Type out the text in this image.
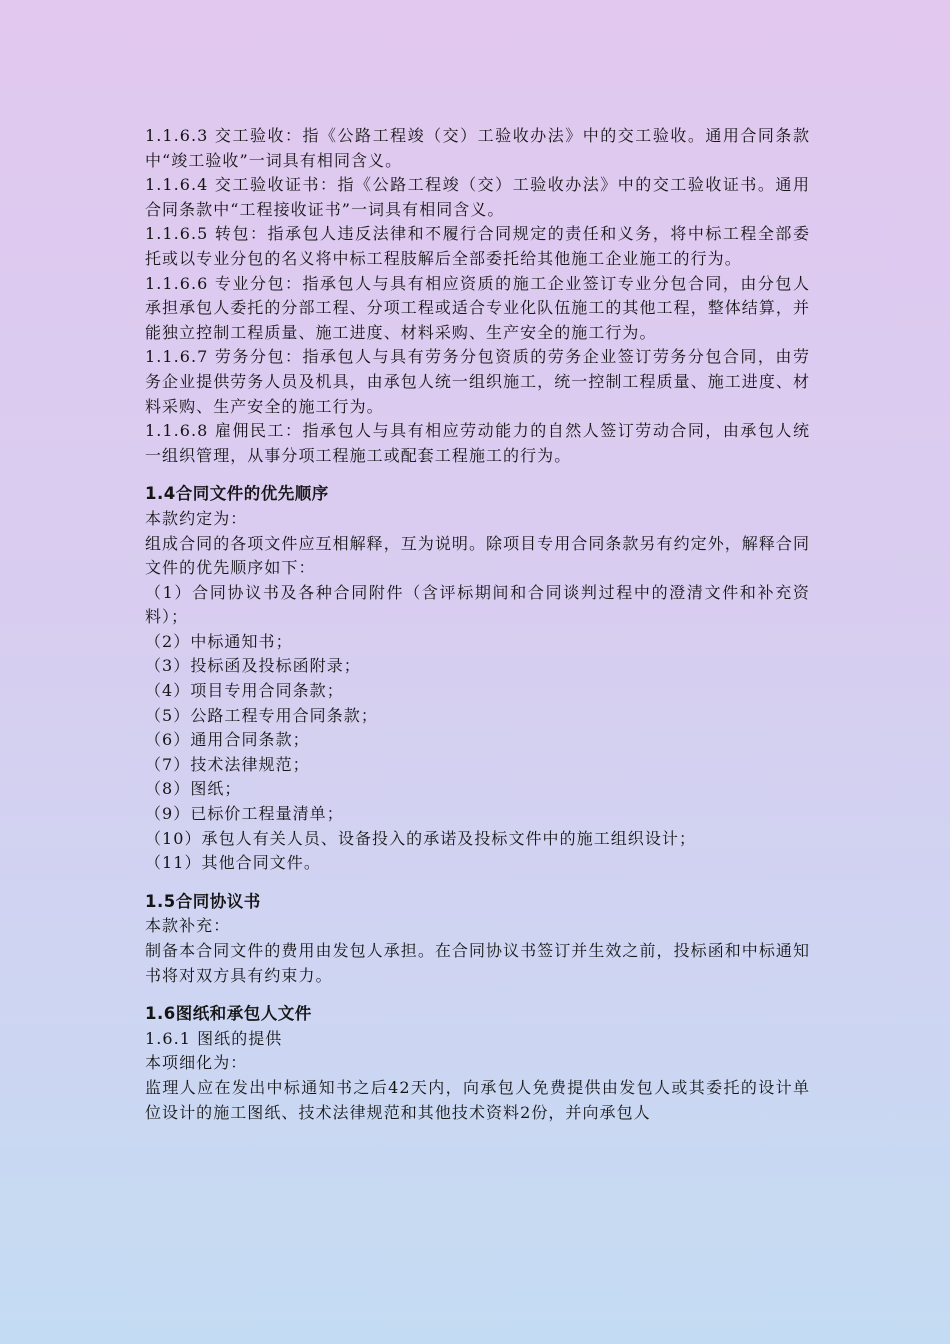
1.1.6.3 交工验收：指《公路工程竣（交）工验收办法》中的交工验收。通用合同条款中“竣工验收”一词具有相同含义。

1.1.6.4 交工验收证书：指《公路工程竣（交）工验收办法》中的交工验收证书。通用合同条款中“工程接收证书”一词具有相同含义。

1.1.6.5 转包：指承包人违反法律和不履行合同规定的责任和义务，将中标工程全部委托或以专业分包的名义将中标工程肢解后全部委托给其他施工企业施工的行为。

1.1.6.6 专业分包：指承包人与具有相应资质的施工企业签订专业分包合同，由分包人承担承包人委托的分部工程、分项工程或适合专业化队伍施工的其他工程，整体结算，并能独立控制工程质量、施工进度、材料采购、生产安全的施工行为。

1.1.6.7 劳务分包：指承包人与具有劳务分包资质的劳务企业签订劳务分包合同，由劳务企业提供劳务人员及机具，由承包人统一组织施工，统一控制工程质量、施工进度、材料采购、生产安全的施工行为。

1.1.6.8 雇佣民工：指承包人与具有相应劳动能力的自然人签订劳动合同，由承包人统一组织管理，从事分项工程施工或配套工程施工的行为。

1.4合同文件的优先顺序

本款约定为：

组成合同的各项文件应互相解释，互为说明。除项目专用合同条款另有约定外，解释合同文件的优先顺序如下：

（1）合同协议书及各种合同附件（含评标期间和合同谈判过程中的澄清文件和补充资料）；

（2）中标通知书；

（3）投标函及投标函附录；

（4）项目专用合同条款；

（5）公路工程专用合同条款；

（6）通用合同条款；

（7）技术法律规范；

（8）图纸；

（9）已标价工程量清单；

（10）承包人有关人员、设备投入的承诺及投标文件中的施工组织设计；

（11）其他合同文件。

1.5合同协议书

本款补充：

制备本合同文件的费用由发包人承担。在合同协议书签订并生效之前，投标函和中标通知书将对双方具有约束力。

1.6图纸和承包人文件

1.6.1 图纸的提供

本项细化为：

监理人应在发出中标通知书之后42天内，向承包人免费提供由发包人或其委托的设计单位设计的施工图纸、技术法律规范和其他技术资料2份，并向承包人
